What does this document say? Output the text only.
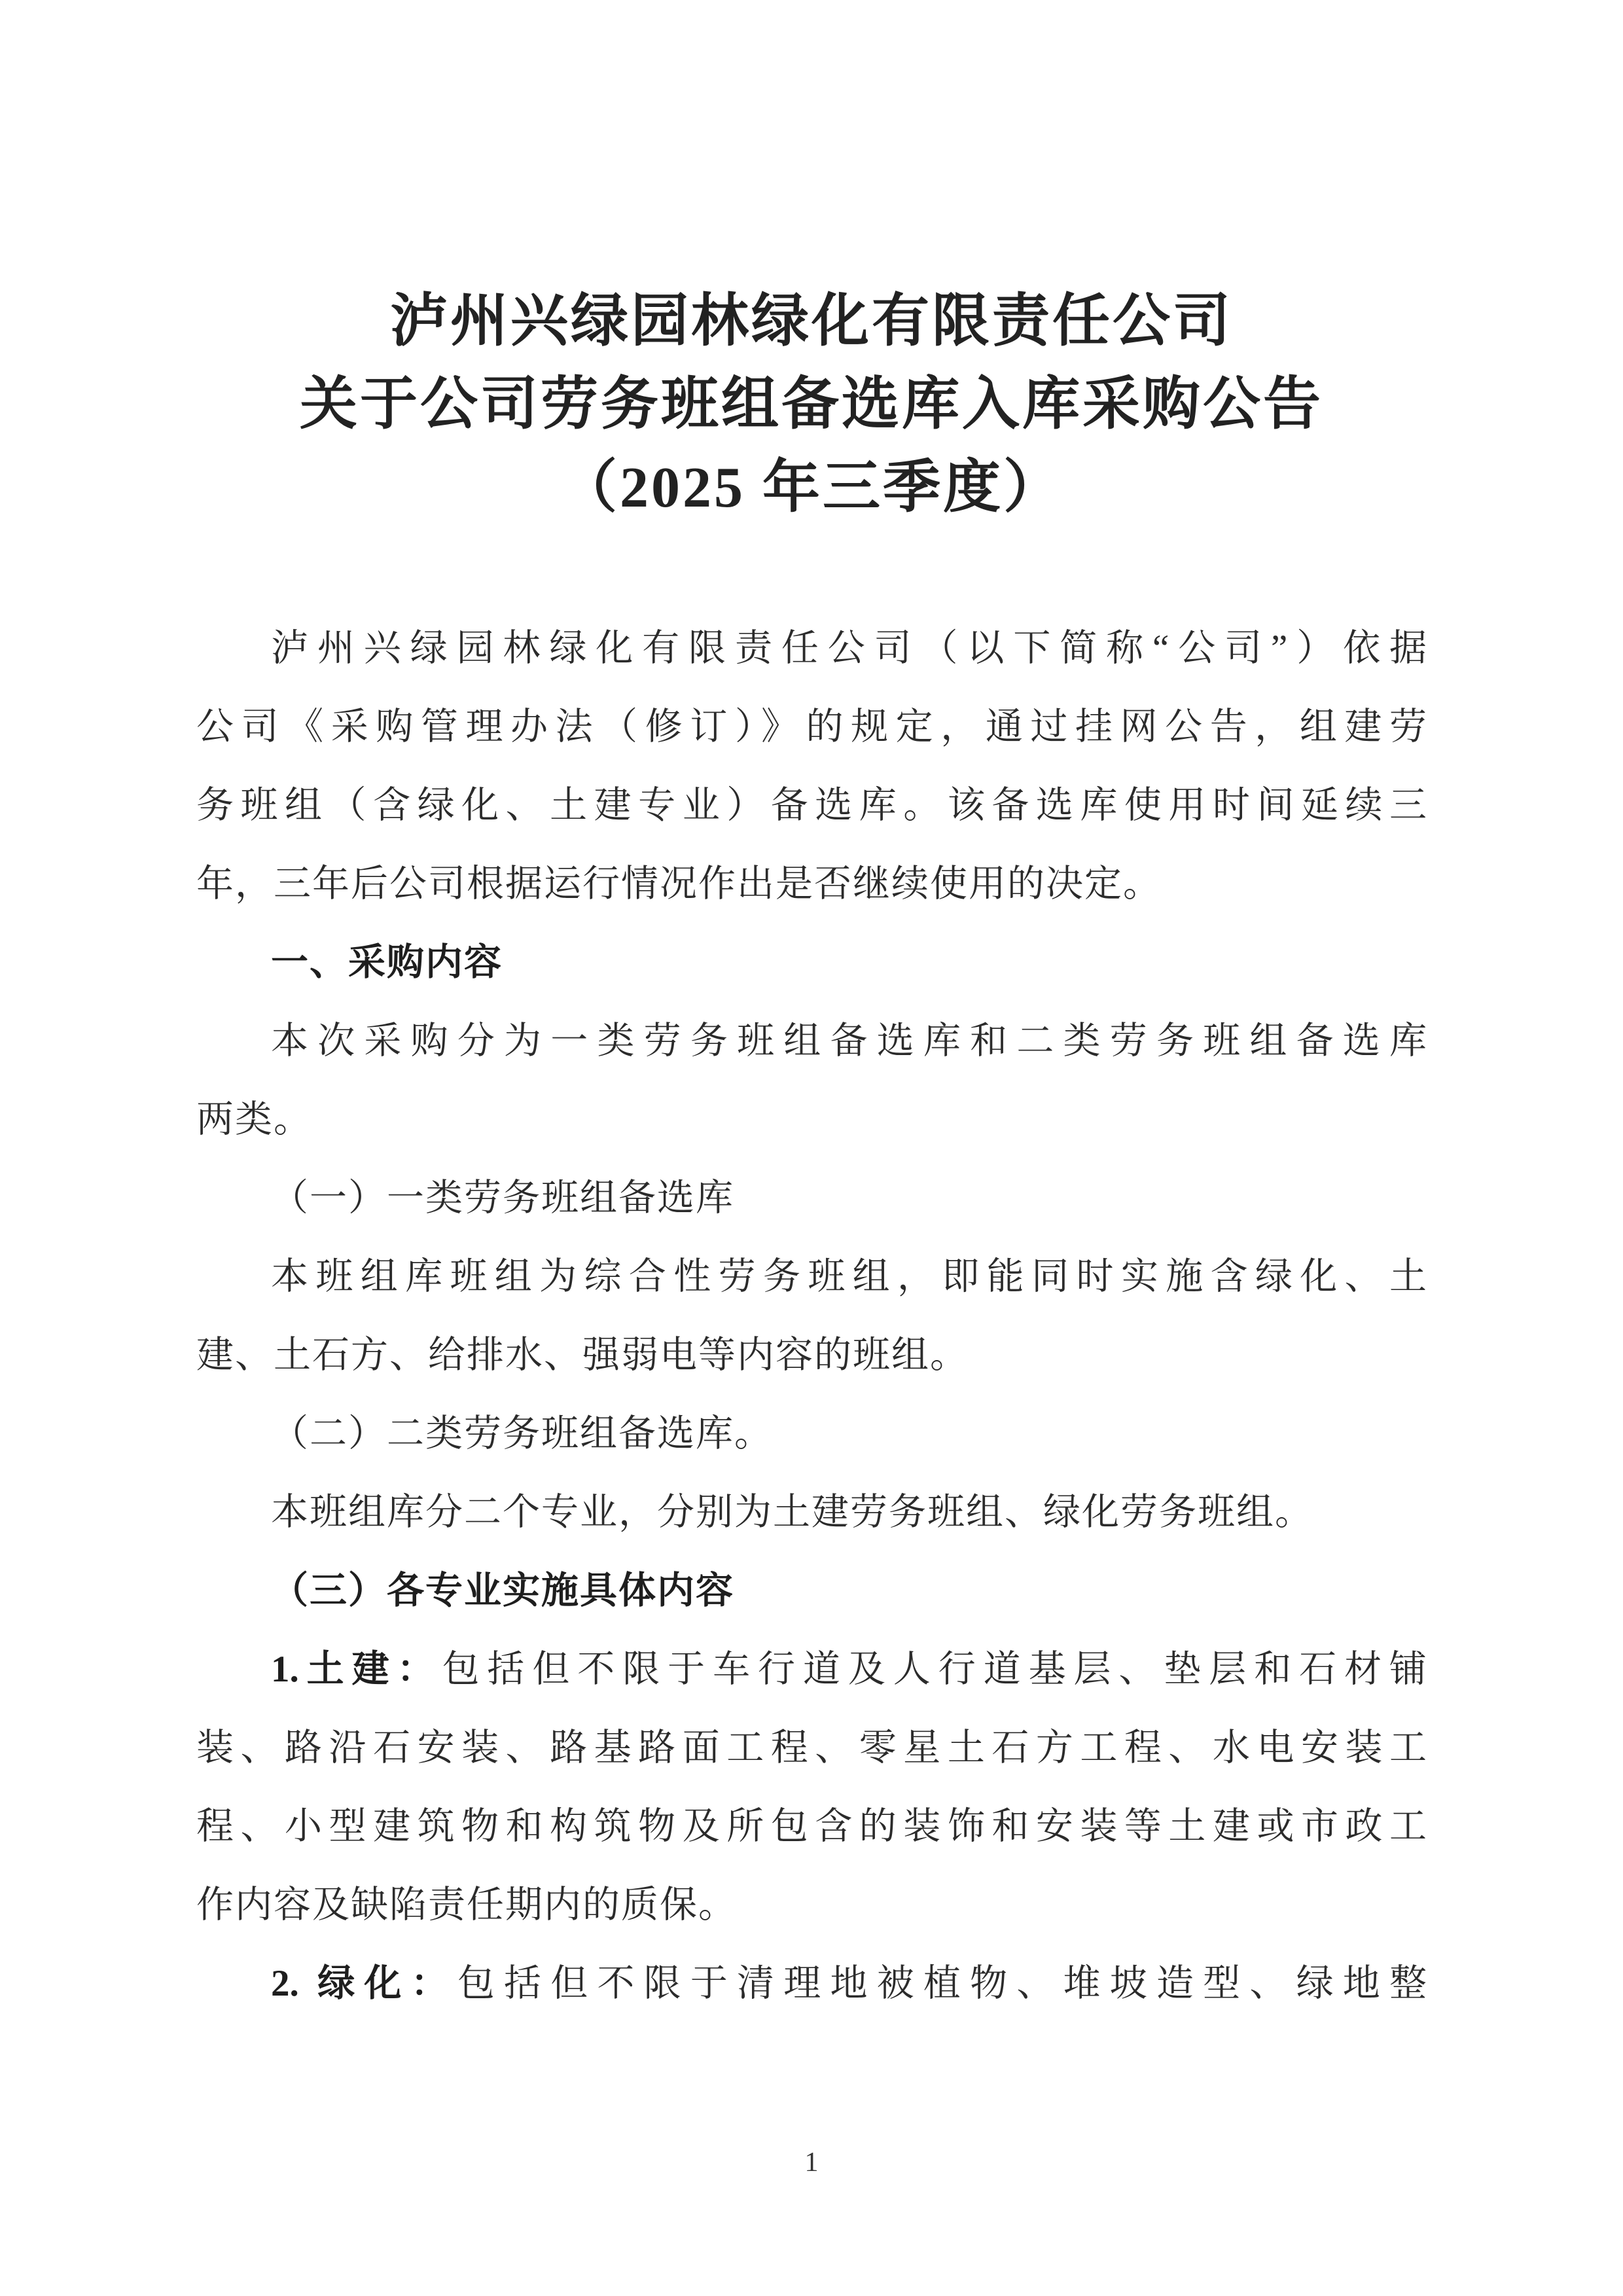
泸州兴绿园林绿化有限责任公司

关于公司劳务班组备选库入库采购公告

（2025 年三季度）

泸州兴绿园林绿化有限责任公司（以下简称“公司”）依据

公司《采购管理办法（修订）》的规定，通过挂网公告，组建劳

务班组（含绿化、土建专业）备选库。该备选库使用时间延续三

年，三年后公司根据运行情况作出是否继续使用的决定。

一、采购内容

本次采购分为一类劳务班组备选库和二类劳务班组备选库

两类。

（一）一类劳务班组备选库

本班组库班组为综合性劳务班组，即能同时实施含绿化、土

建、土石方、给排水、强弱电等内容的班组。

（二）二类劳务班组备选库。

本班组库分二个专业，分别为土建劳务班组、绿化劳务班组。

（三）各专业实施具体内容

1.土建：包括但不限于车行道及人行道基层、垫层和石材铺

装、路沿石安装、路基路面工程、零星土石方工程、水电安装工

程、小型建筑物和构筑物及所包含的装饰和安装等土建或市政工

作内容及缺陷责任期内的质保。

2. 绿化：包括但不限于清理地被植物、堆坡造型、绿地整

1
